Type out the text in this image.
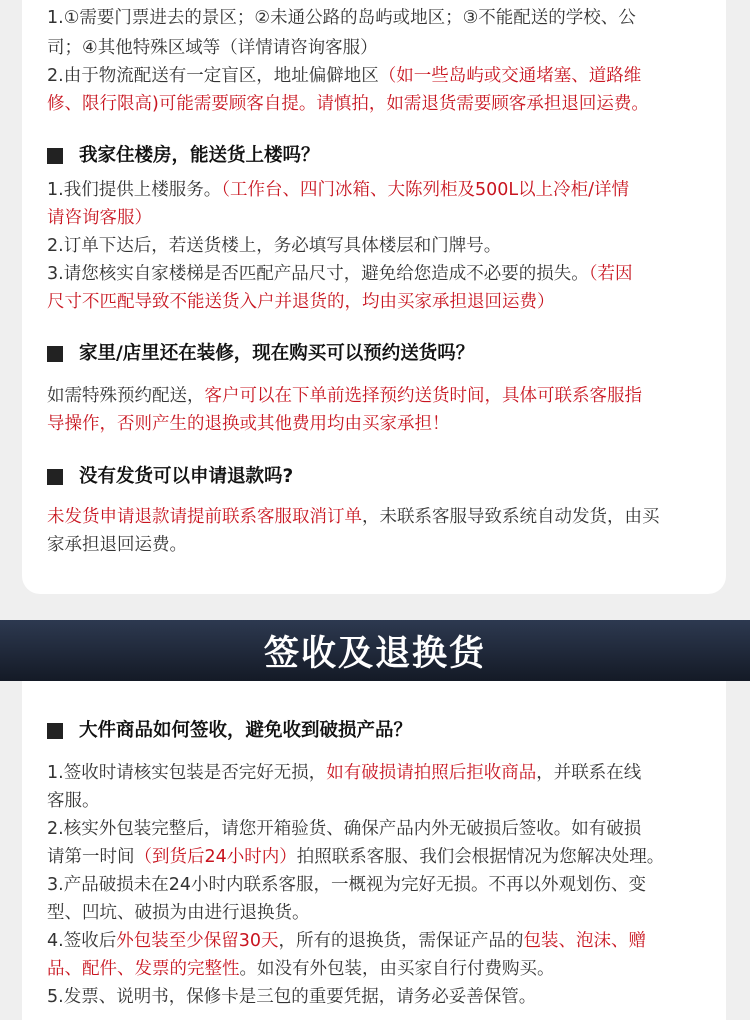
签收及退换货
1.①需要门票进去的景区；②未通公路的岛屿或地区；③不能配送的学校、公
司；④其他特殊区域等（详情请咨询客服）
2.由于物流配送有一定盲区，地址偏僻地区（如一些岛屿或交通堵塞、道路维
修、限行限高)可能需要顾客自提。请慎拍，如需退货需要顾客承担退回运费。
我家住楼房，能送货上楼吗？
1.我们提供上楼服务。（工作台、四门冰箱、大陈列柜及500L以上冷柜/详情
请咨询客服）
2.订单下达后，若送货楼上，务必填写具体楼层和门牌号。
3.请您核实自家楼梯是否匹配产品尺寸，避免给您造成不必要的损失。（若因
尺寸不匹配导致不能送货入户并退货的，均由买家承担退回运费）
家里/店里还在装修，现在购买可以预约送货吗？
如需特殊预约配送，客户可以在下单前选择预约送货时间，具体可联系客服指
导操作，否则产生的退换或其他费用均由买家承担！
没有发货可以申请退款吗?
未发货申请退款请提前联系客服取消订单，未联系客服导致系统自动发货，由买
家承担退回运费。
大件商品如何签收，避免收到破损产品？
1.签收时请核实包装是否完好无损，如有破损请拍照后拒收商品，并联系在线
客服。
2.核实外包装完整后，请您开箱验货、确保产品内外无破损后签收。如有破损
请第一时间（到货后24小时内）拍照联系客服、我们会根据情况为您解决处理。
3.产品破损未在24小时内联系客服，一概视为完好无损。不再以外观划伤、变
型、凹坑、破损为由进行退换货。
4.签收后外包装至少保留30天，所有的退换货，需保证产品的包装、泡沫、赠
品、配件、发票的完整性。如没有外包装，由买家自行付费购买。
5.发票、说明书，保修卡是三包的重要凭据，请务必妥善保管。
